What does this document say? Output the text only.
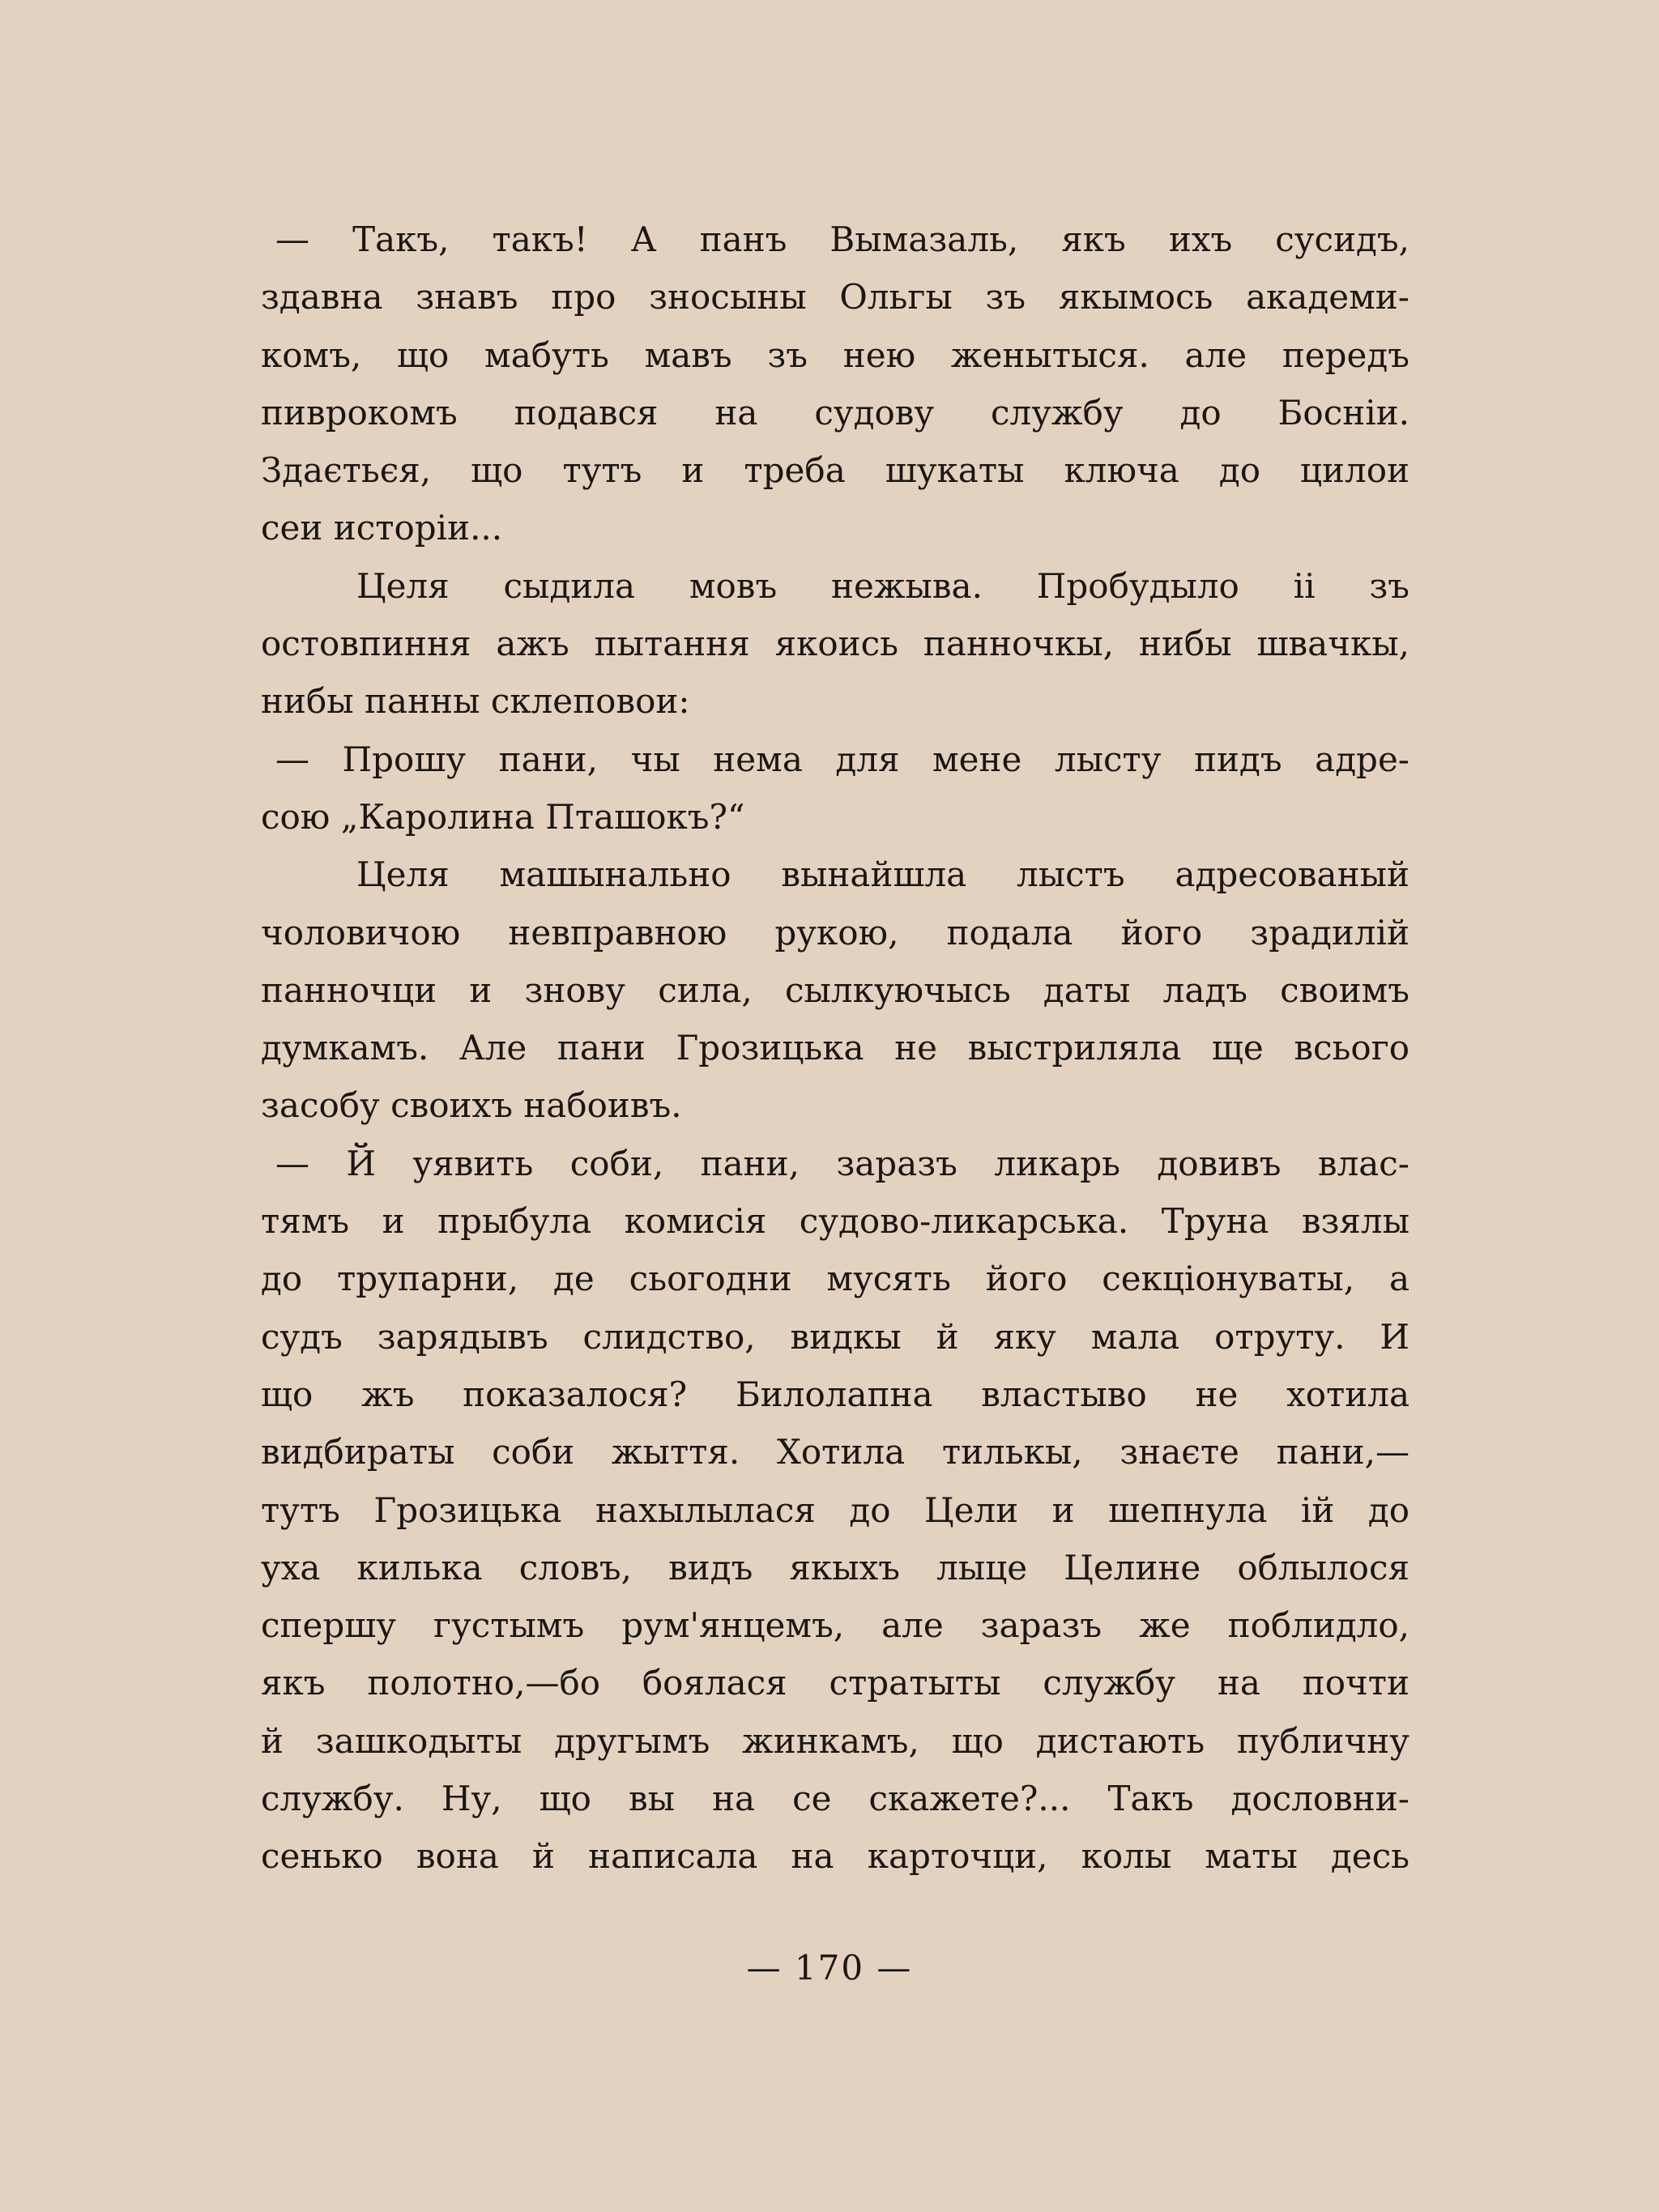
— Такъ, такъ! А панъ Вымазаль, якъ ихъ сусидъ,
здавна знавъ про зносыны Ольгы зъ якымось академи-
комъ, що мабуть мавъ зъ нею женытыся. але передъ
пиврокомъ подався на судову службу до Боснiи.
Здаєтьєя, що тутъ и треба шукаты ключа до цилои
сеи исторiи...
Целя сыдила мовъ нежыва. Пробудыло ii зъ
остовпиння ажъ пытання якоись панночкы, нибы швачкы,
нибы панны склеповои:
— Прошу пани, чы нема для мене лысту пидъ адре-
сою „Каролина Пташокъ?“
Целя машынально вынайшла лыстъ адресованый
чоловичою невправною рукою, подала його зрадилiй
панночци и знову сила, сылкуючысь даты ладъ своимъ
думкамъ. Але пани Грозицька не выстриляла ще всього
засобу своихъ набоивъ.
— Й уявить соби, пани, заразъ ликарь довивъ влас-
тямъ и прыбула комисiя судово-ликарська. Труна взялы
до трупарни, де сьогодни мусять його секцiонуваты, а
судъ зарядывъ слидство, видкы й яку мала отруту. И
що жъ показалося? Билолапна властыво не хотила
видбираты соби жыття. Хотила тилькы, знаєте пани,—
тутъ Грозицька нахылылася до Цели и шепнула iй до
уха килька словъ, видъ якыхъ лыце Целине облылося
спершу густымъ рум'янцемъ, але заразъ же поблидло,
якъ полотно,—бо боялася стратыты службу на почти
й зашкодыты другымъ жинкамъ, що дистають публичну
службу. Ну, що вы на се скажете?... Такъ дословни-
сенько вона й написала на карточци, колы маты десь
— 170 —
